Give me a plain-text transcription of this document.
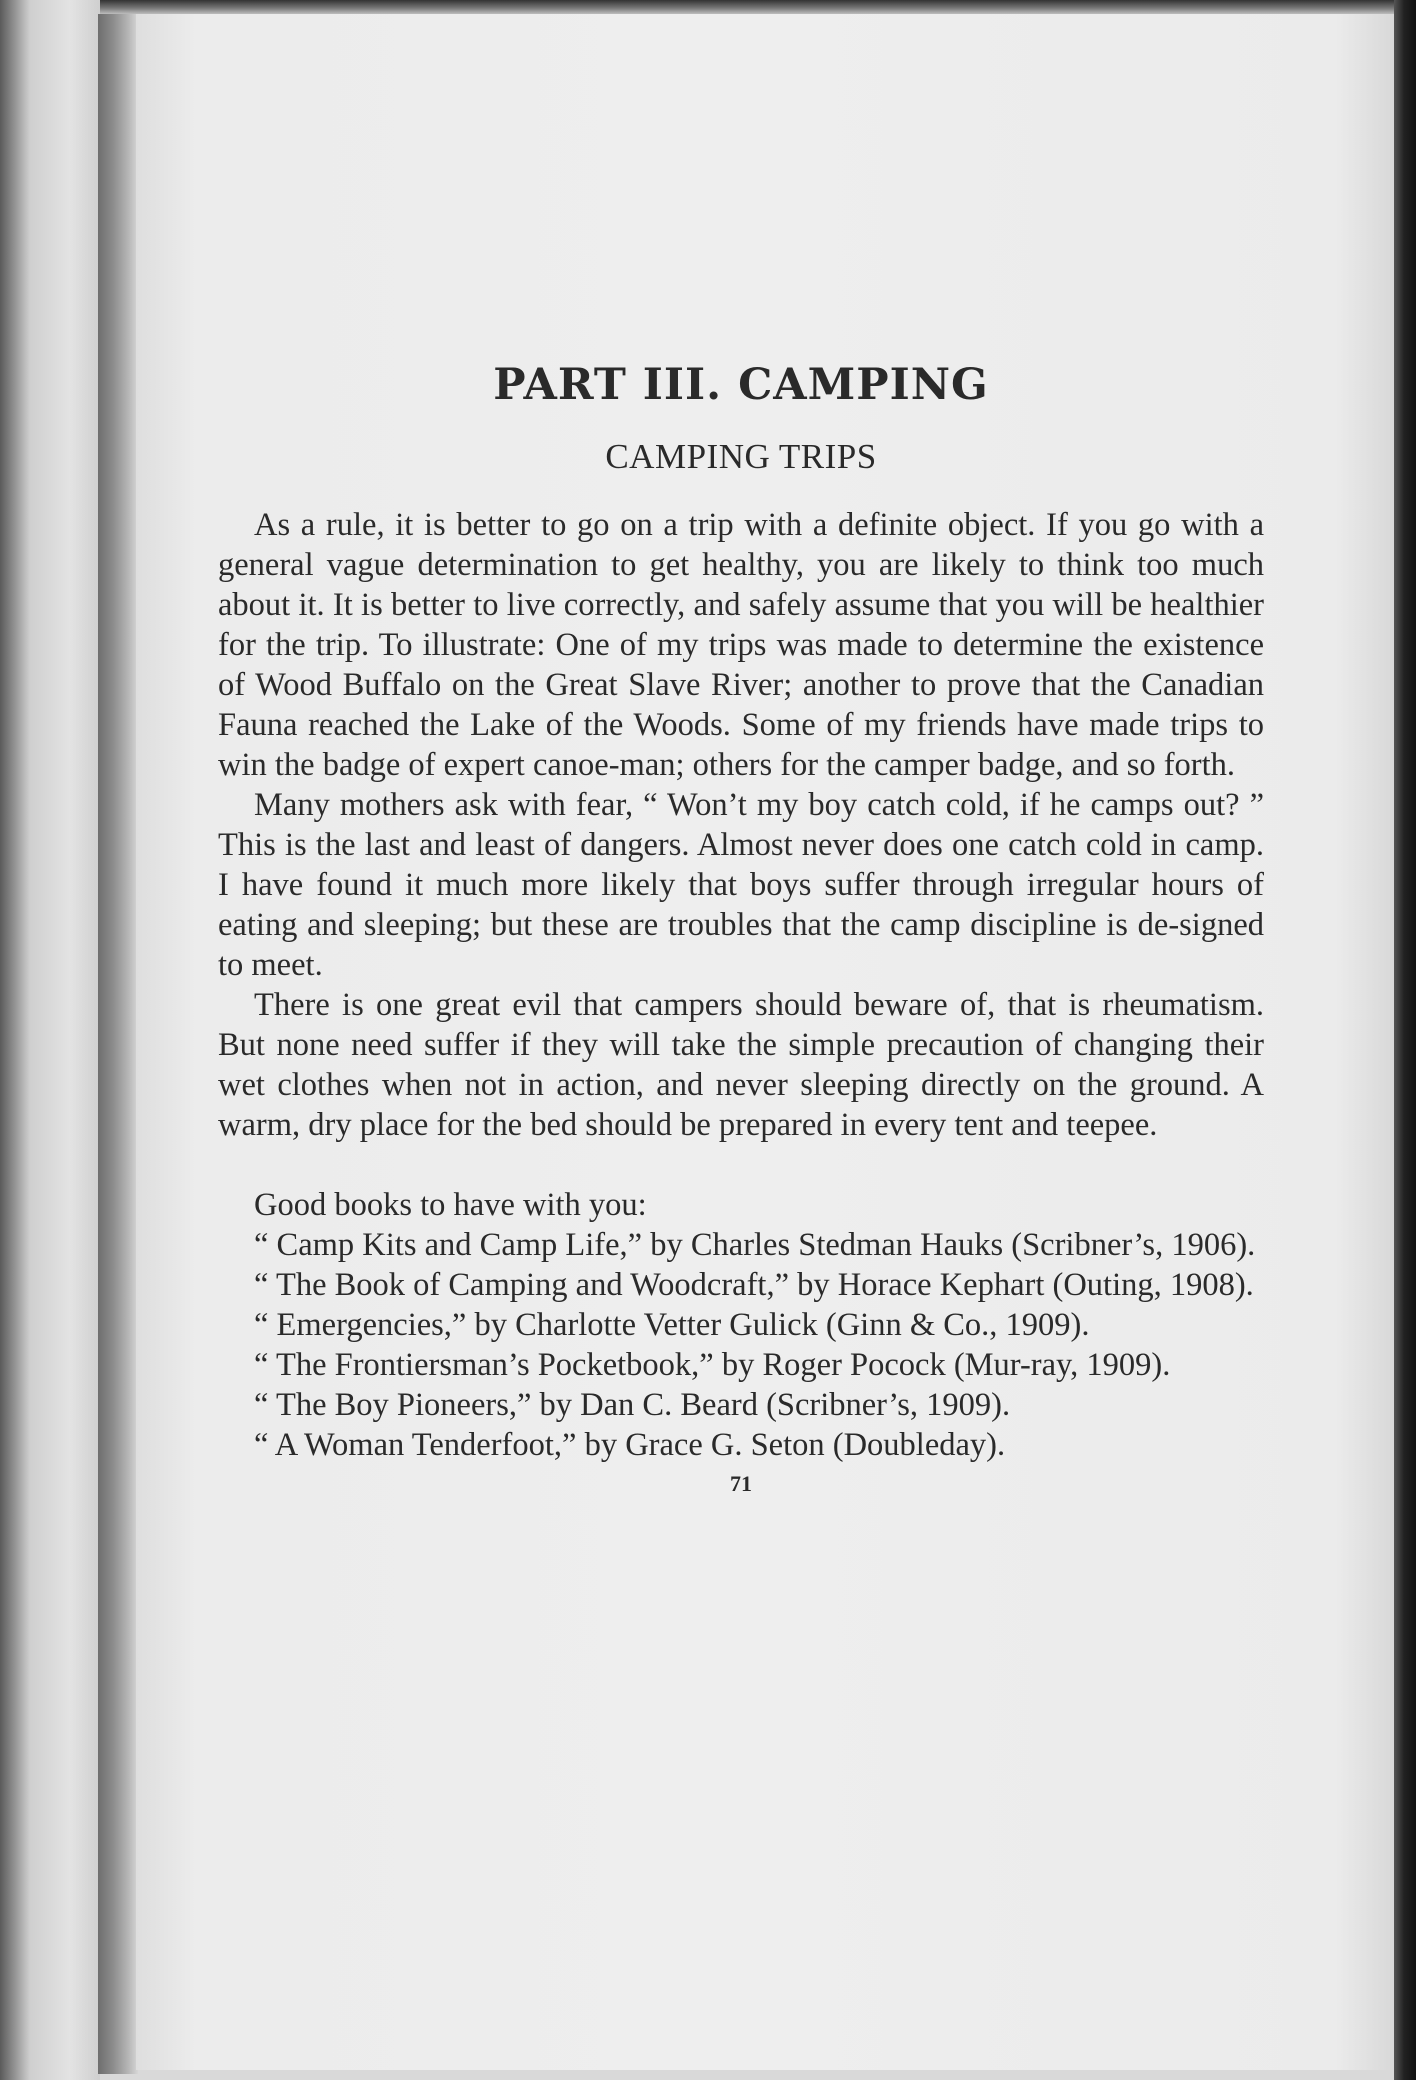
PART III. CAMPING
CAMPING TRIPS

As a rule, it is better to go on a trip with a definite object. If you go with a general vague determination to get healthy, you are likely to think too much about it. It is better to live correctly, and safely assume that you will be healthier for the trip. To illustrate: One of my trips was made to determine the existence of Wood Buffalo on the Great Slave River; another to prove that the Canadian Fauna reached the Lake of the Woods. Some of my friends have made trips to win the badge of expert canoe-man; others for the camper badge, and so forth.

Many mothers ask with fear, “ Won’t my boy catch cold, if he camps out? ” This is the last and least of dangers. Almost never does one catch cold in camp. I have found it much more likely that boys suffer through irregular hours of eating and sleeping; but these are troubles that the camp discipline is de-signed to meet.

There is one great evil that campers should beware of, that is rheumatism. But none need suffer if they will take the simple precaution of changing their wet clothes when not in action, and never sleeping directly on the ground. A warm, dry place for the bed should be prepared in every tent and teepee.

Good books to have with you:

“ Camp Kits and Camp Life,” by Charles Stedman Hauks (Scribner’s, 1906).

“ The Book of Camping and Woodcraft,” by Horace Kephart (Outing, 1908).

“ Emergencies,” by Charlotte Vetter Gulick (Ginn & Co., 1909).

“ The Frontiersman’s Pocketbook,” by Roger Pocock (Mur-ray, 1909).

“ The Boy Pioneers,” by Dan C. Beard (Scribner’s, 1909).

“ A Woman Tenderfoot,” by Grace G. Seton (Doubleday).

71
